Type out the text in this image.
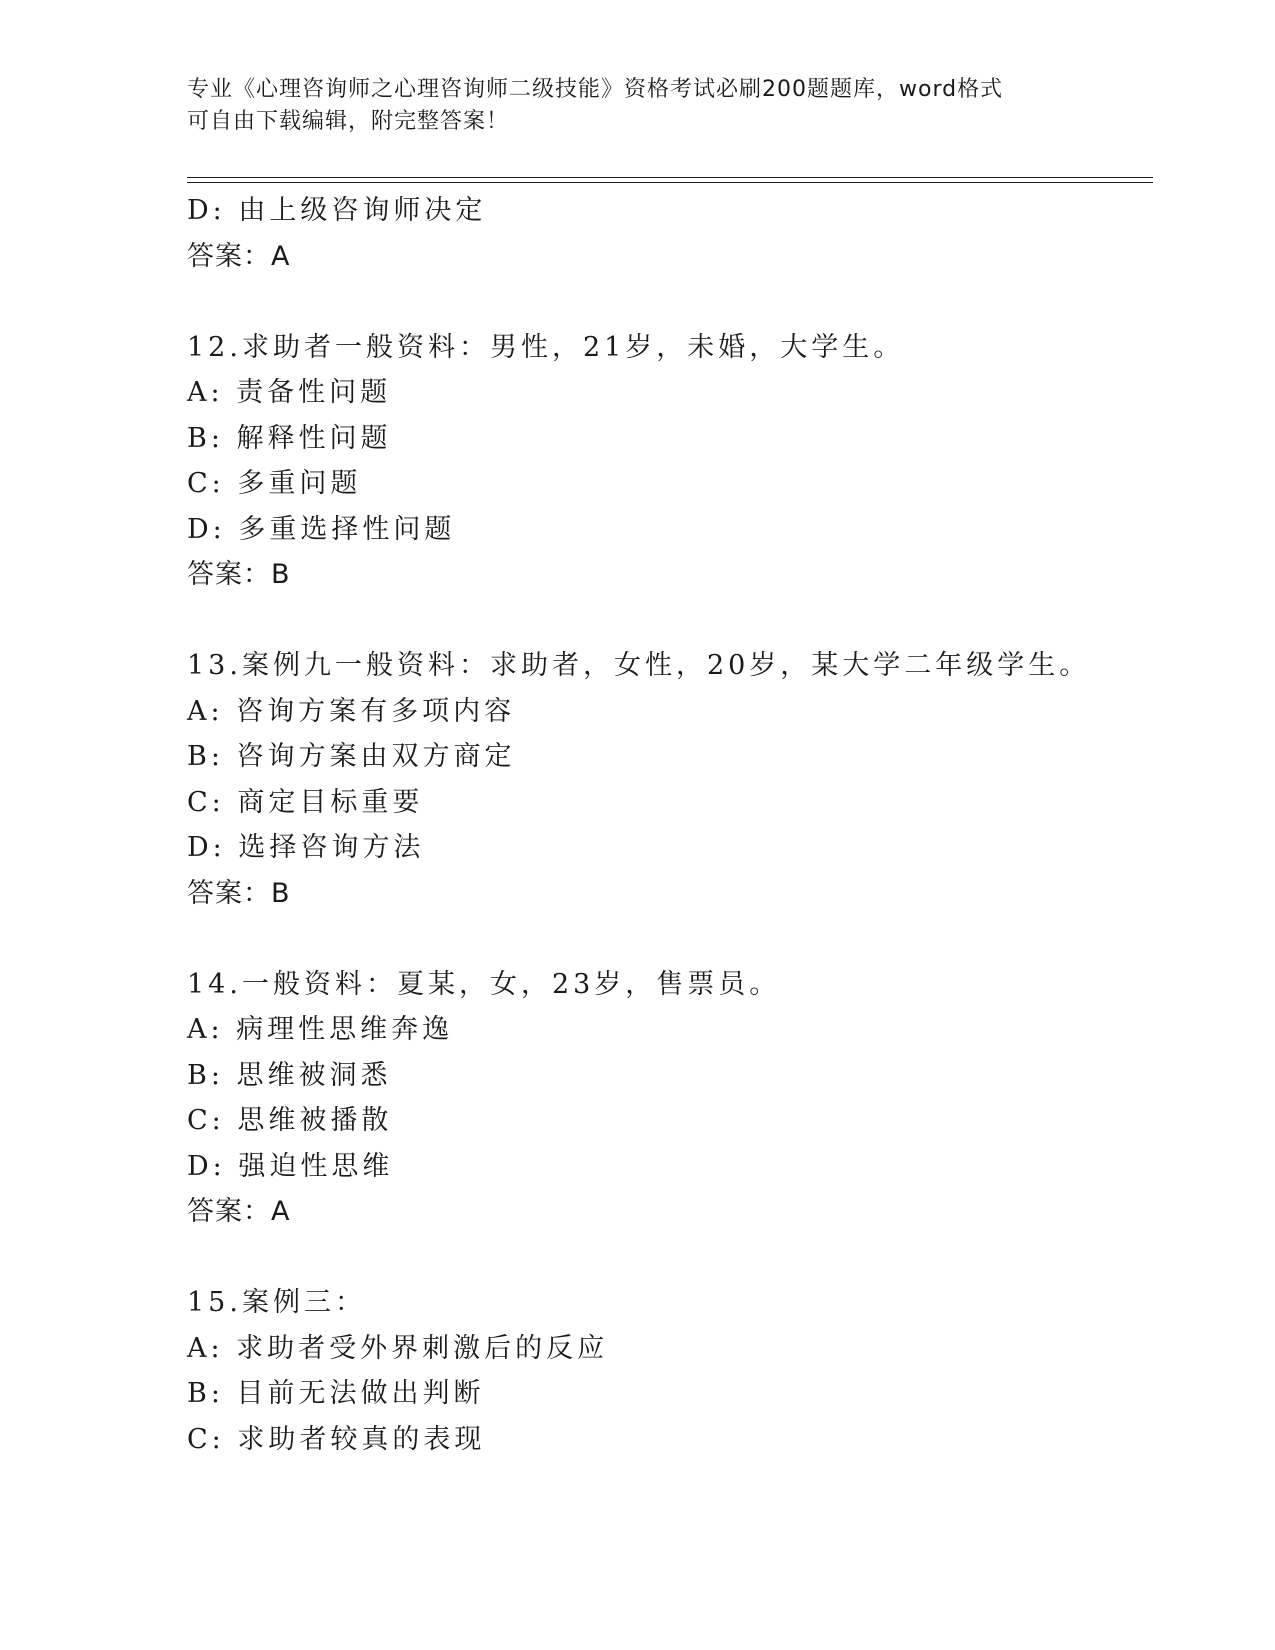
专业《心理咨询师之心理咨询师二级技能》资格考试必刷200题题库，word格式
可自由下载编辑，附完整答案！
D: 由上级咨询师决定
答案：A
12.求助者一般资料：男性，21岁，未婚，大学生。
A: 责备性问题
B: 解释性问题
C: 多重问题
D: 多重选择性问题
答案：B
13.案例九一般资料：求助者，女性，20岁，某大学二年级学生。
A: 咨询方案有多项内容
B: 咨询方案由双方商定
C: 商定目标重要
D: 选择咨询方法
答案：B
14.一般资料：夏某，女，23岁，售票员。
A: 病理性思维奔逸
B: 思维被洞悉
C: 思维被播散
D: 强迫性思维
答案：A
15.案例三：
A: 求助者受外界刺激后的反应
B: 目前无法做出判断
C: 求助者较真的表现
